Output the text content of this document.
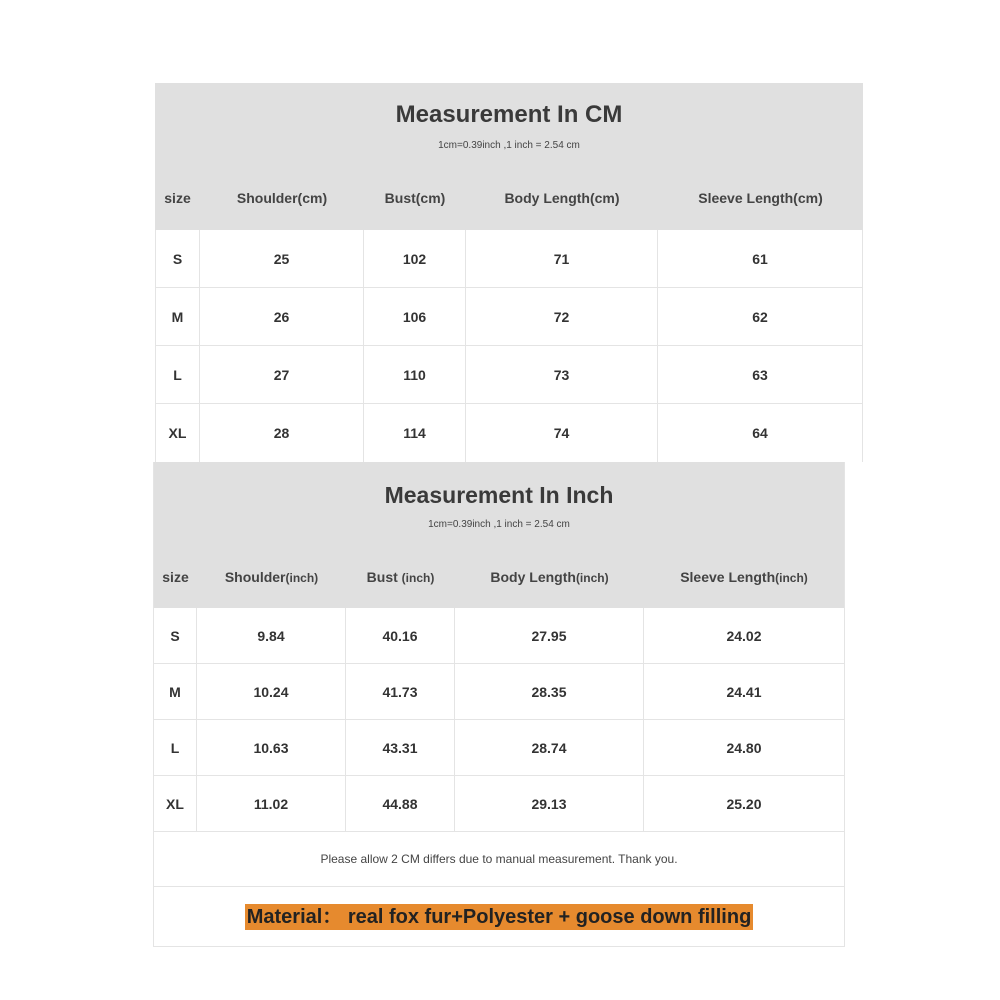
Measurement In CM
1cm=0.39inch ,1 inch = 2.54 cm
size	Shoulder(cm)	Bust(cm)	Body Length(cm)	Sleeve Length(cm)
S	25	102	71	61
M	26	106	72	62
L	27	110	73	63
XL	28	114	74	64
Measurement In Inch
1cm=0.39inch ,1 inch = 2.54 cm
size	Shoulder(inch)	Bust (inch)	Body Length(inch)	Sleeve Length(inch)
S	9.84	40.16	27.95	24.02
M	10.24	41.73	28.35	24.41
L	10.63	43.31	28.74	24.80
XL	11.02	44.88	29.13	25.20
Please allow 2 CM differs due to manual measurement. Thank you.
Material： real fox fur+Polyester + goose down filling
